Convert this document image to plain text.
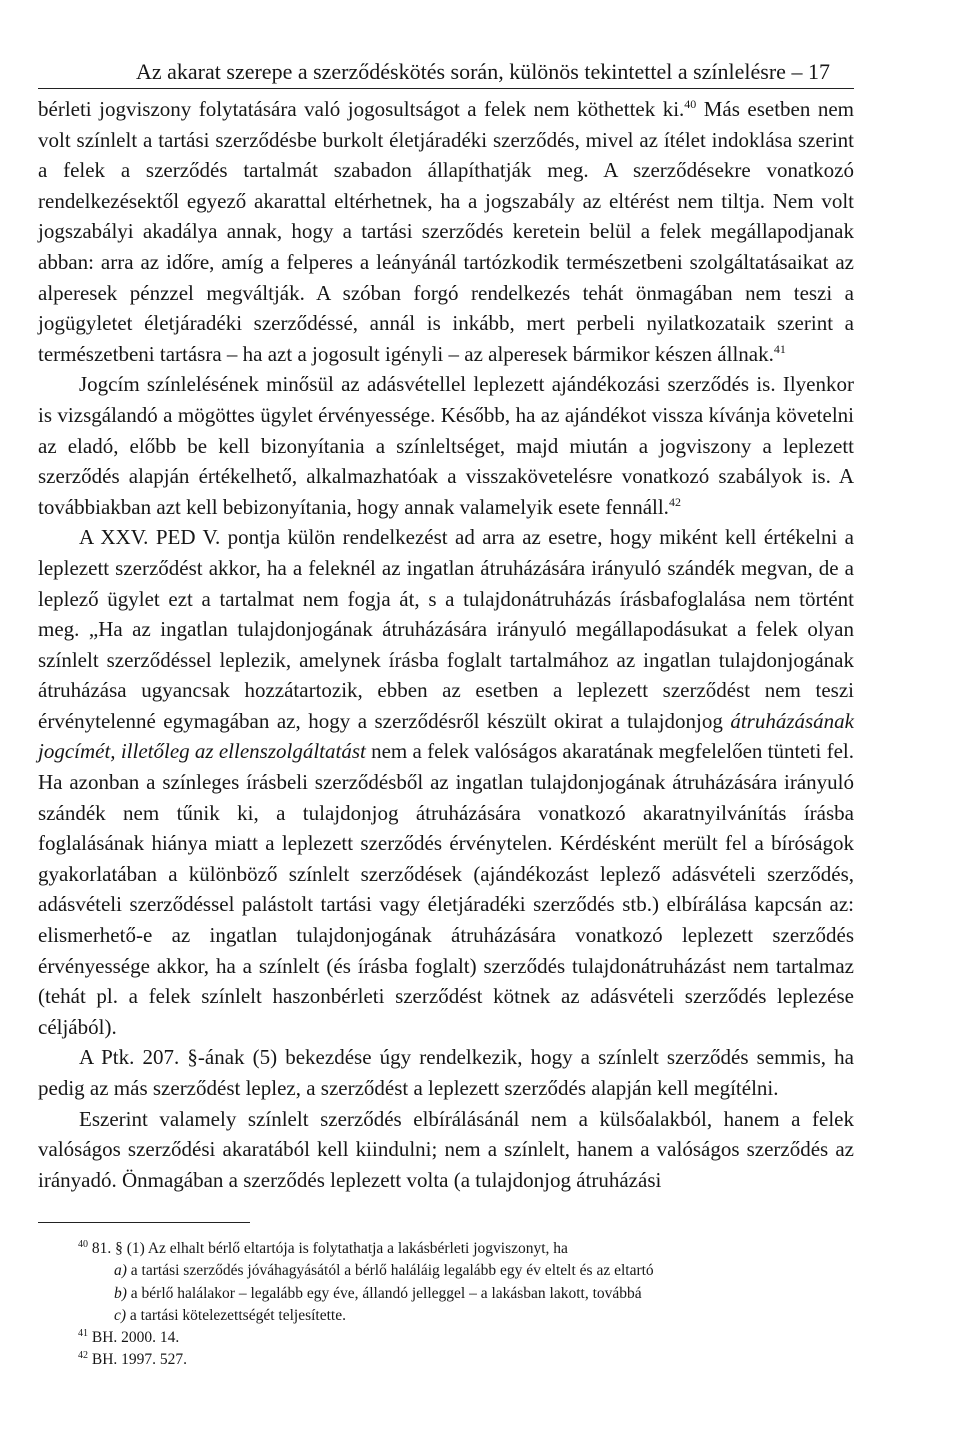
Az akarat szerepe a szerződéskötés során, különös tekintettel a színlelésre – 17

bérleti jogviszony folytatására való jogosultságot a felek nem köthettek ki.$^{40}$ Más esetben nem volt színlelt a tartási szerződésbe burkolt életjáradéki szerződés, mivel az ítélet indoklása szerint a felek a szerződés tartalmát szabadon állapíthatják meg. A szerződésekre vonatkozó rendelkezésektől egyező akarattal eltérhetnek, ha a jogszabály az eltérést nem tiltja. Nem volt jogszabályi akadálya annak, hogy a tartási szerződés keretein belül a felek megállapodjanak abban: arra az időre, amíg a felperes a leányánál tartózkodik természetbeni szolgáltatásaikat az alperesek pénzzel megváltják. A szóban forgó rendelkezés tehát önmagában nem teszi a jogügyletet életjáradéki szerződéssé, annál is inkább, mert perbeli nyilatkozataik szerint a természetbeni tartásra – ha azt a jogosult igényli – az alperesek bármikor készen állnak.$^{41}$

Jogcím színlelésének minősül az adásvétellel leplezett ajándékozási szerződés is. Ilyenkor is vizsgálandó a mögöttes ügylet érvényessége. Később, ha az ajándékot vissza kívánja követelni az eladó, előbb be kell bizonyítania a színleltséget, majd miután a jogviszony a leplezett szerződés alapján értékelhető, alkalmazhatóak a visszakövetelésre vonatkozó szabályok is. A továbbiakban azt kell bebizonyítania, hogy annak valamelyik esete fennáll.$^{42}$

A XXV. PED V. pontja külön rendelkezést ad arra az esetre, hogy miként kell értékelni a leplezett szerződést akkor, ha a feleknél az ingatlan átruházására irányuló szándék megvan, de a leplező ügylet ezt a tartalmat nem fogja át, s a tulajdonátruházás írásbafoglalása nem történt meg. „Ha az ingatlan tulajdonjogának átruházására irányuló megállapodásukat a felek olyan színlelt szerződéssel leplezik, amelynek írásba foglalt tartalmához az ingatlan tulajdonjogának átruházása ugyancsak hozzátartozik, ebben az esetben a leplezett szerződést nem teszi érvénytelenné egymagában az, hogy a szerződésről készült okirat a tulajdonjog átruházásának jogcímét, illetőleg az ellenszolgáltatást nem a felek valóságos akaratának megfelelően tünteti fel. Ha azonban a színleges írásbeli szerződésből az ingatlan tulajdonjogának átruházására irányuló szándék nem tűnik ki, a tulajdonjog átruházására vonatkozó akaratnyilvánítás írásba foglalásának hiánya miatt a leplezett szerződés érvénytelen. Kérdésként merült fel a bíróságok gyakorlatában a különböző színlelt szerződések (ajándékozást leplező adásvételi szerződés, adásvételi szerződéssel palástolt tartási vagy életjáradéki szerződés stb.) elbírálása kapcsán az: elismerhető-e az ingatlan tulajdonjogának átruházására vonatkozó leplezett szerződés érvényessége akkor, ha a színlelt (és írásba foglalt) szerződés tulajdonátruházást nem tartalmaz (tehát pl. a felek színlelt haszonbérleti szerződést kötnek az adásvételi szerződés leplezése céljából).

A Ptk. 207. §-ának (5) bekezdése úgy rendelkezik, hogy a színlelt szerződés semmis, ha pedig az más szerződést leplez, a szerződést a leplezett szerződés alapján kell megítélni.

Eszerint valamely színlelt szerződés elbírálásánál nem a külsőalakból, hanem a felek valóságos szerződési akaratából kell kiindulni; nem a színlelt, hanem a valóságos szerződés az irányadó. Önmagában a szerződés leplezett volta (a tulajdonjog átruházási

$^{40}$ 81. § (1) Az elhalt bérlő eltartója is folytathatja a lakásbérleti jogviszonyt, ha
a) a tartási szerződés jóváhagyásától a bérlő haláláig legalább egy év eltelt és az eltartó
b) a bérlő halálakor – legalább egy éve, állandó jelleggel – a lakásban lakott, továbbá
c) a tartási kötelezettségét teljesítette.
$^{41}$ BH. 2000. 14.
$^{42}$ BH. 1997. 527.
